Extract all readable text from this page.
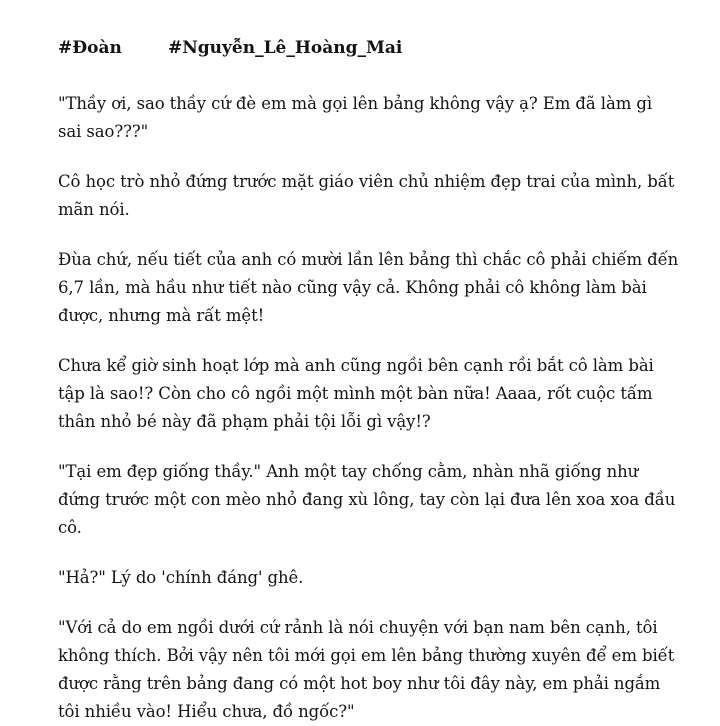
#Đoàn	#Nguyễn_Lê_Hoàng_Mai

"Thầy ơi, sao thầy cứ đè em mà gọi lên bảng không vậy ạ? Em đã làm gì sai sao???"

Cô học trò nhỏ đứng trước mặt giáo viên chủ nhiệm đẹp trai của mình, bất mãn nói.

Đùa chứ, nếu tiết của anh có mười lần lên bảng thì chắc cô phải chiếm đến 6,7 lần, mà hầu như tiết nào cũng vậy cả. Không phải cô không làm bài được, nhưng mà rất mệt!

Chưa kể giờ sinh hoạt lớp mà anh cũng ngồi bên cạnh rồi bắt cô làm bài tập là sao!? Còn cho cô ngồi một mình một bàn nữa! Aaaa, rốt cuộc tấm thân nhỏ bé này đã phạm phải tội lỗi gì vậy!?

"Tại em đẹp giống thầy." Anh một tay chống cằm, nhàn nhã giống như đứng trước một con mèo nhỏ đang xù lông, tay còn lại đưa lên xoa xoa đầu cô.

"Hả?" Lý do 'chính đáng' ghê.

"Với cả do em ngồi dưới cứ rảnh là nói chuyện với bạn nam bên cạnh, tôi không thích. Bởi vậy nên tôi mới gọi em lên bảng thường xuyên để em biết được rằng trên bảng đang có một hot boy như tôi đây này, em phải ngắm tôi nhiều vào! Hiểu chưa, đồ ngốc?"
